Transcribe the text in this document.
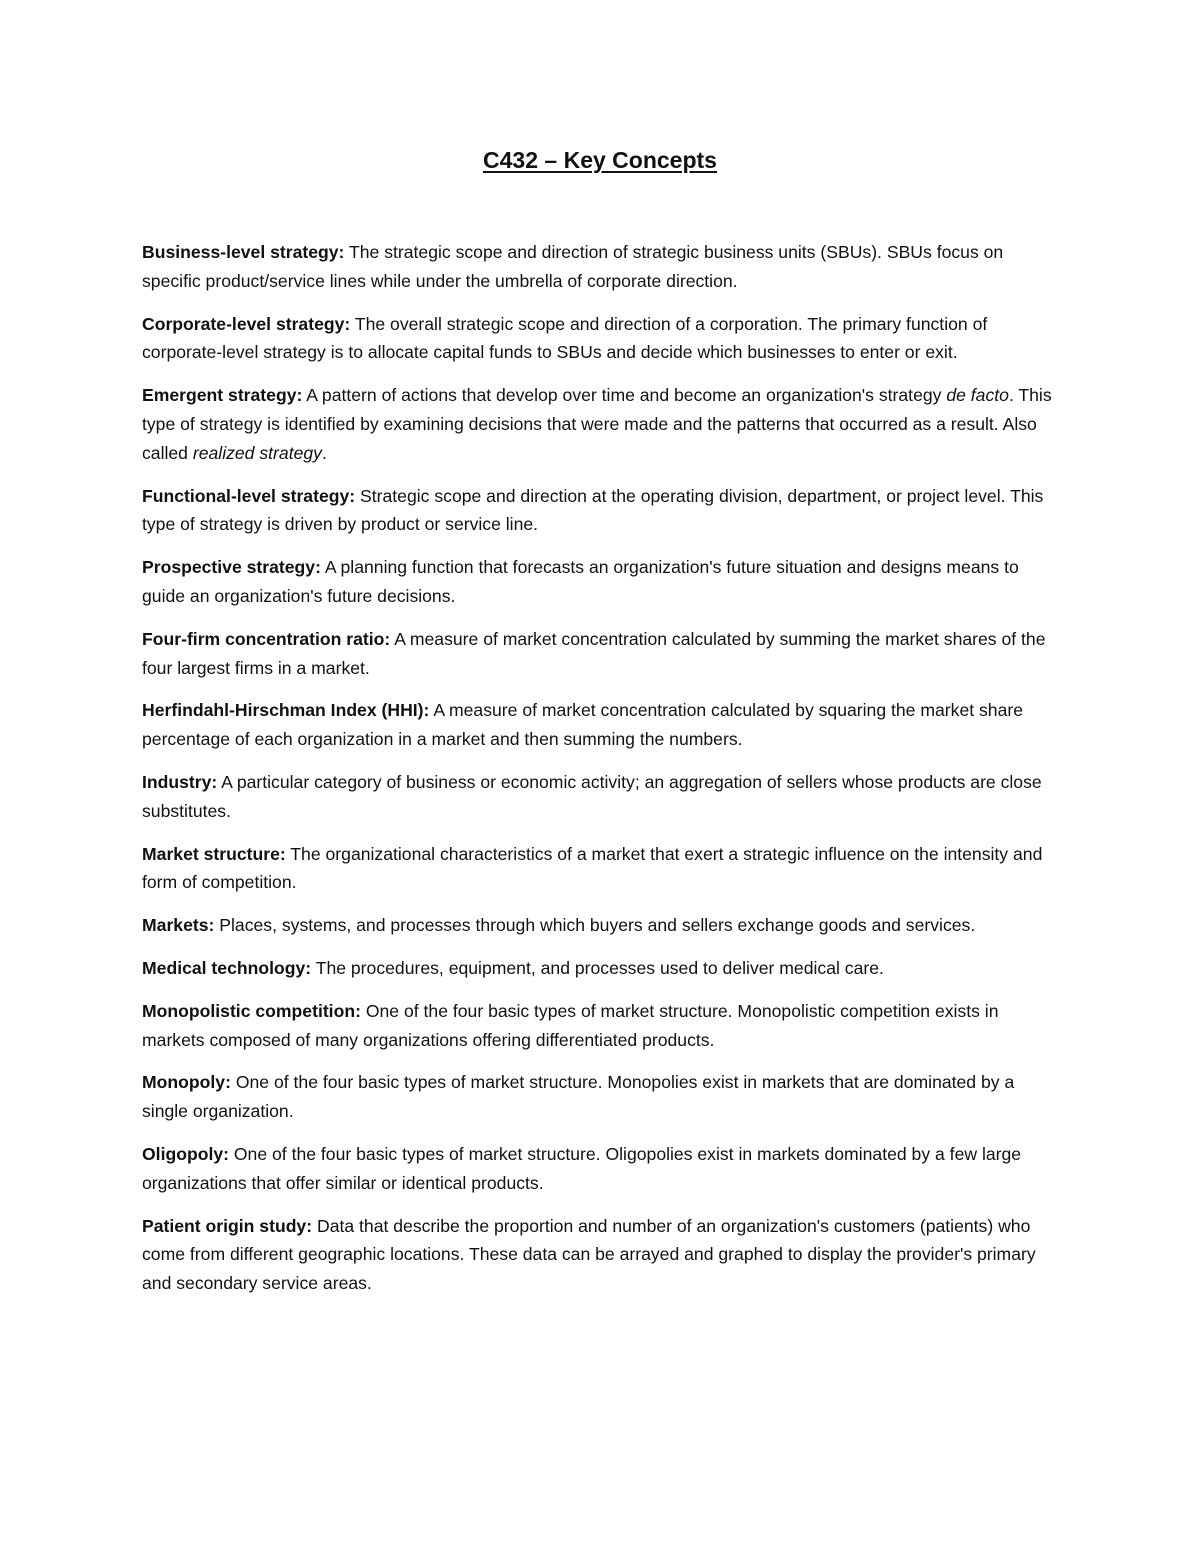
C432 – Key Concepts

Business-level strategy: The strategic scope and direction of strategic business units (SBUs). SBUs focus on specific product/service lines while under the umbrella of corporate direction.

Corporate-level strategy: The overall strategic scope and direction of a corporation. The primary function of corporate-level strategy is to allocate capital funds to SBUs and decide which businesses to enter or exit.

Emergent strategy: A pattern of actions that develop over time and become an organization's strategy de facto. This type of strategy is identified by examining decisions that were made and the patterns that occurred as a result. Also called realized strategy.

Functional-level strategy: Strategic scope and direction at the operating division, department, or project level. This type of strategy is driven by product or service line.

Prospective strategy: A planning function that forecasts an organization's future situation and designs means to guide an organization's future decisions.

Four-firm concentration ratio: A measure of market concentration calculated by summing the market shares of the four largest firms in a market.

Herfindahl-Hirschman Index (HHI): A measure of market concentration calculated by squaring the market share percentage of each organization in a market and then summing the numbers.

Industry: A particular category of business or economic activity; an aggregation of sellers whose products are close substitutes.

Market structure: The organizational characteristics of a market that exert a strategic influence on the intensity and form of competition.

Markets: Places, systems, and processes through which buyers and sellers exchange goods and services.

Medical technology: The procedures, equipment, and processes used to deliver medical care.

Monopolistic competition: One of the four basic types of market structure. Monopolistic competition exists in markets composed of many organizations offering differentiated products.

Monopoly: One of the four basic types of market structure. Monopolies exist in markets that are dominated by a single organization.

Oligopoly: One of the four basic types of market structure. Oligopolies exist in markets dominated by a few large organizations that offer similar or identical products.

Patient origin study: Data that describe the proportion and number of an organization's customers (patients) who come from different geographic locations. These data can be arrayed and graphed to display the provider's primary and secondary service areas.
